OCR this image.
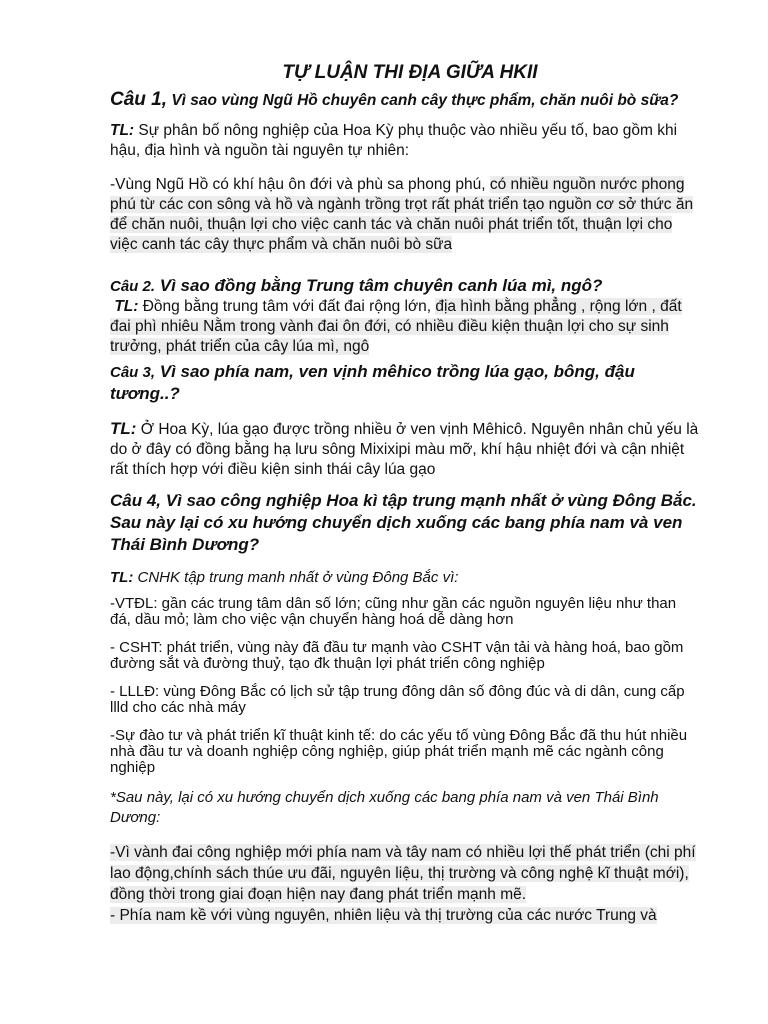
TỰ LUẬN THI ĐỊA GIỮA HKII

Câu 1, Vì sao vùng Ngũ Hồ chuyên canh cây thực phẩm, chăn nuôi bò sữa?

TL: Sự phân bố nông nghiệp của Hoa Kỳ phụ thuộc vào nhiều yếu tố, bao gồm khi hậu, địa hình và nguồn tài nguyên tự nhiên:

-Vùng Ngũ Hồ có khí hậu ôn đới và phù sa phong phú, có nhiều nguồn nước phong phú từ các con sông và hồ và ngành trồng trọt rất phát triển tạo nguồn cơ sở thức ăn để chăn nuôi, thuận lợi cho việc canh tác và chăn nuôi phát triển tốt, thuận lợi cho việc canh tác cây thực phẩm và chăn nuôi bò sữa

Câu 2. Vì sao đồng bằng Trung tâm chuyên canh lúa mì, ngô?

TL: Đồng bằng trung tâm với đất đai rộng lớn, địa hình bằng phẳng , rộng lớn , đất đai phì nhiêu Nằm trong vành đai ôn đới, có nhiều điều kiện thuận lợi cho sự sinh trưởng, phát triển của cây lúa mì, ngô

Câu 3, Vì sao phía nam, ven vịnh mêhico trồng lúa gạo, bông, đậu tương..?

TL: Ở Hoa Kỳ, lúa gạo được trồng nhiều ở ven vịnh Mêhicô. Nguyên nhân chủ yếu là do ở đây có đồng bằng hạ lưu sông Mixixipi màu mỡ, khí hậu nhiệt đới và cận nhiệt rất thích hợp với điều kiện sinh thái cây lúa gạo

Câu 4, Vì sao công nghiệp Hoa kì tập trung mạnh nhất ở vùng Đông Bắc. Sau này lại có xu hướng chuyển dịch xuống các bang phía nam và ven Thái Bình Dương?

TL: CNHK tập trung manh nhất ở vùng Đông Bắc vì:

-VTĐL: gần các trung tâm dân số lớn; cũng như gần các nguồn nguyên liệu như than đá, dầu mỏ; làm cho việc vận chuyển hàng hoá dễ dàng hơn

- CSHT: phát triển, vùng này đã đầu tư mạnh vào CSHT vận tải và hàng hoá, bao gồm đường sắt và đường thuỷ, tạo đk thuận lợi phát triển công nghiệp

- LLLĐ: vùng Đông Bắc có lịch sử tập trung đông dân số đông đúc và di dân, cung cấp llld cho các nhà máy

-Sự đào tư và phát triển kĩ thuật kinh tế: do các yếu tố vùng Đông Bắc đã thu hút nhiều nhà đầu tư và doanh nghiệp công nghiệp, giúp phát triển mạnh mẽ các ngành công nghiệp

*Sau này, lại có xu hướng chuyển dịch xuống các bang phía nam và ven Thái Bình Dương:

-Vì vành đai công nghiệp mới phía nam và tây nam có nhiều lợi thế phát triển (chi phí lao động,chính sách thúe ưu đãi, nguyên liệu, thị trường và công nghệ kĩ thuật mới), đồng thời trong giai đoạn hiện nay đang phát triển mạnh mẽ.

- Phía nam kề với vùng nguyên, nhiên liệu và thị trường của các nước Trung và
